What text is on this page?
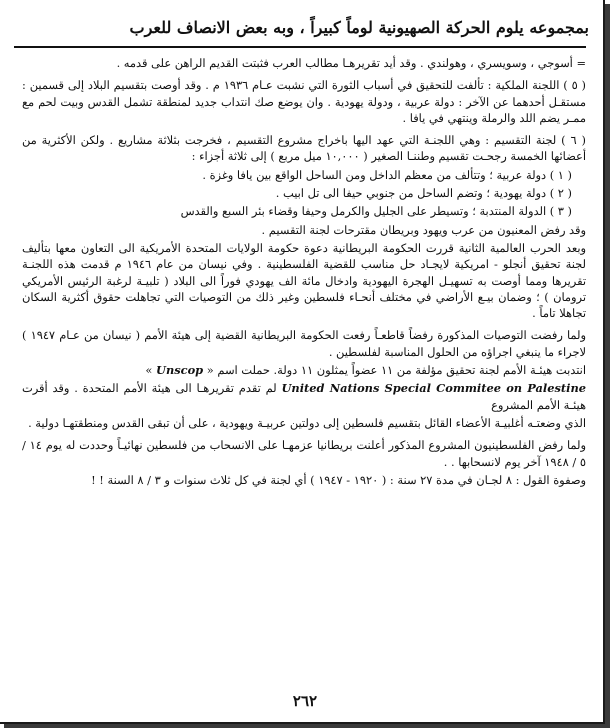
بمجموعه يلوم الحركة الصهيونية لوماً كبيراً ، وبه بعض الانصاف للعرب

= أسوجي ، وسويسري ، وهولندي . وقد أيد تقريرهـا مطالب العرب فثبتت القديم الراهن على قدمه .

( ٥ ) اللجنة الملكية : تألفت للتحقيق في أسباب الثورة التي نشبت عـام ١٩٣٦ م . وقد أوصت بتقسيم البلاد إلى قسمين : مستقـل أحدهما عن الآخر : دولة عربية ، ودولة يهودية . وان يوضع صك انتداب جديد لمنطقة تشمل القدس وبيت لحم مع ممـر يضم اللد والرملة وينتهي في يافا .

( ٦ ) لجنة التقسيم : وهي اللجنـة التي عهد اليها باخراج مشروع التقسيم ، فخرجت بثلاثة مشاريع . ولكن الأكثرية من أعضائها الخمسة رجحـت تقسيم وطننـا الصغير ( ١٠,٠٠٠ ميل مربع ) إلى ثلاثة أجزاء :

( ١ ) دولة عربية ؛ وتتألف من معظم الداخل ومن الساحل الواقع بين يافا وغزة .

( ٢ ) دولة يهودية ؛ وتضم الساحل من جنوبي حيفا الى تل ابيب .

( ٣ ) الدولة المنتدبة ؛ وتسيطر على الجليل والكرمل وحيفا وقضاء بئر السبع والقدس

وقد رفض المعنيون من عرب ويهود وبريطان مقترحات لجنة التقسيم .

وبعد الحرب العالمية الثانية قررت الحكومة البريطانية دعوة حكومة الولايات المتحدة الأمريكية الى التعاون معها بتأليف لجنة تحقيق أنجلو - امريكية لايجـاد حل مناسب للقضية الفلسطينية . وفي نيسان من عام ١٩٤٦ م قدمت هذه اللجنـة تقريرها ومما أوصت به تسهيـل الهجرة اليهودية وادخال مائة الف يهودي فوراً الى البلاد ( تلبيـة لرغبة الرئيس الأمريكي ترومان ) ؛ وضمان بيـع الأراضي في مختلف أنحـاء فلسطين وغير ذلك من التوصيات التي تجاهلت حقوق أكثرية السكان تجاهلا تاماً .

ولما رفضت التوصيات المذكورة رفضاً قاطعـاً رفعت الحكومة البريطانية القضية إلى هيئة الأمم ( نيسان من عـام ١٩٤٧ ) لاجراء ما ينبغي اجراؤه من الحلول المناسبة لفلسطين .

انتدبت هيئـة الأمم لجنة تحقيق مؤلفة من ١١ عضواً يمثلون ١١ دولة. حملت اسم « Unscop »

United Nations Special Commitee on Palestine لم تقدم تقريرهـا الى هيئة الأمم المتحدة . وقد أقرت هيئـة الأمم المشروع

الذي وضعتـه أغلبيـة الأعضاء القائل بتقسيم فلسطين إلى دولتين عربيـة ويهودية ، على أن تبقى القدس ومنطقتهـا دولية .

ولما رفض الفلسطينيون المشروع المذكور أعلنت بريطانيا عزمهـا على الانسحاب من فلسطين نهائيـاً وحددت له يوم ١٤ / ٥ / ١٩٤٨ آخر يوم لانسحابها . .

وصفوة القول : ٨ لجـان في مدة ٢٧ سنة : ( ١٩٢٠ - ١٩٤٧ ) أي لجنة في كل ثلاث سنوات و ٣ / ٨ السنة ! !

٢٦٢
